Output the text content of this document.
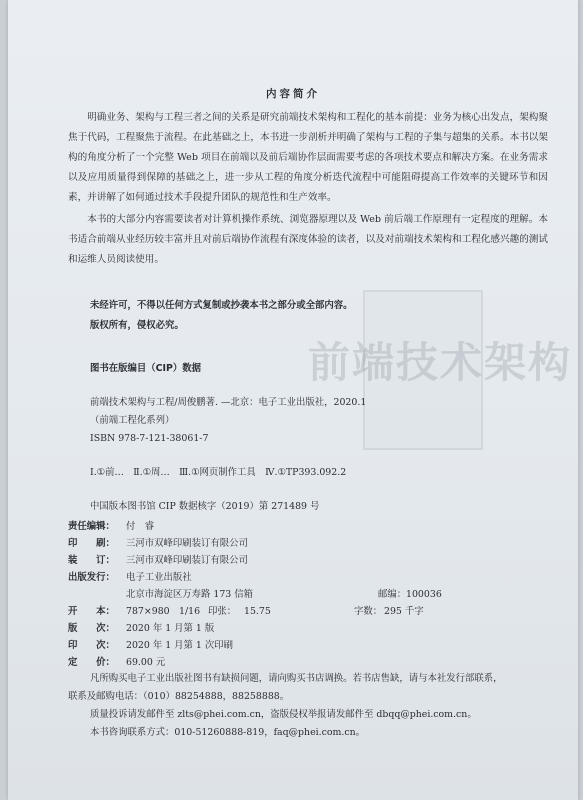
前端技术架构
内容简介

明确业务、架构与工程三者之间的关系是研究前端技术架构和工程化的基本前提：业务为核心出发点，架构聚焦于代码，工程聚焦于流程。在此基础之上，本书进一步剖析并明确了架构与工程的子集与超集的关系。本书以架构的角度分析了一个完整 Web 项目在前端以及前后端协作层面需要考虑的各项技术要点和解决方案。在业务需求以及应用质量得到保障的基础之上，进一步从工程的角度分析迭代流程中可能阻碍提高工作效率的关键环节和因素，并讲解了如何通过技术手段提升团队的规范性和生产效率。

本书的大部分内容需要读者对计算机操作系统、浏览器原理以及 Web 前后端工作原理有一定程度的理解。本书适合前端从业经历较丰富并且对前后端协作流程有深度体验的读者，以及对前端技术架构和工程化感兴趣的测试和运维人员阅读使用。

未经许可，不得以任何方式复制或抄袭本书之部分或全部内容。
版权所有，侵权必究。
图书在版编目（CIP）数据
前端技术架构与工程/周俊鹏著. —北京：电子工业出版社，2020.1
（前端工程化系列）
ISBN 978-7-121-38061-7
Ⅰ.①前…　Ⅱ.①周…　Ⅲ.①网页制作工具　Ⅳ.①TP393.092.2
中国版本图书馆 CIP 数据核字（2019）第 271489 号
责任编辑： 付　睿
印　　刷： 三河市双峰印刷装订有限公司
装　　订： 三河市双峰印刷装订有限公司
出版发行： 电子工业出版社
北京市海淀区万寿路 173 信箱	邮编： 100036
开　　本： 787×980　1/16 印张： 15.75	字数： 295 千字
版　　次： 2020 年 1 月第 1 版
印　　次： 2020 年 1 月第 1 次印刷
定　　价： 69.00 元
凡所购买电子工业出版社图书有缺损问题，请向购买书店调换。若书店售缺，请与本社发行部联系，
联系及邮购电话：（010）88254888，88258888。
质量投诉请发邮件至 zlts@phei.com.cn，盗版侵权举报请发邮件至 dbqq@phei.com.cn。
本书咨询联系方式：010-51260888-819，faq@phei.com.cn。
